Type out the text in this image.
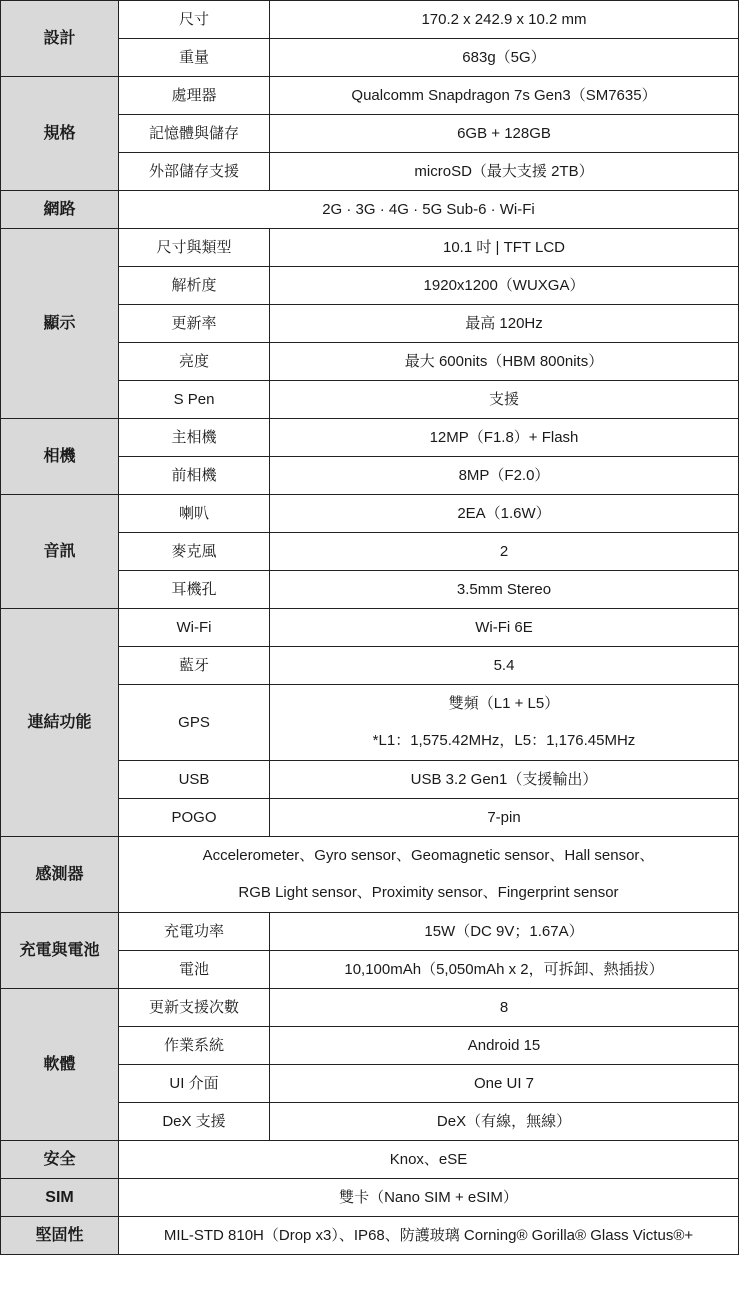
設計	尺寸	170.2 x 242.9 x 10.2 mm
	重量	683g（5G）
規格	處理器	Qualcomm Snapdragon 7s Gen3（SM7635）
	記憶體與儲存	6GB + 128GB
	外部儲存支援	microSD（最大支援 2TB）
網路	2G · 3G · 4G · 5G Sub-6 · Wi-Fi	
顯示	尺寸與類型	10.1 吋 | TFT LCD
	解析度	1920x1200（WUXGA）
	更新率	最高 120Hz
	亮度	最大 600nits（HBM 800nits）
	S Pen	支援
相機	主相機	12MP（F1.8）+ Flash
	前相機	8MP（F2.0）
音訊	喇叭	2EA（1.6W）
	麥克風	2
	耳機孔	3.5mm Stereo
連結功能	Wi-Fi	Wi-Fi 6E
	藍牙	5.4
	GPS	雙頻（L1 + L5）
		*L1：1,575.42MHz，L5：1,176.45MHz
	USB	USB 3.2 Gen1（支援輸出）
	POGO	7-pin
感測器	Accelerometer、Gyro sensor、Geomagnetic sensor、Hall sensor、	
	RGB Light sensor、Proximity sensor、Fingerprint sensor	
充電與電池	充電功率	15W（DC 9V；1.67A）
	電池	10,100mAh（5,050mAh x 2，可拆卸、熱插拔）
軟體	更新支援次數	8
	作業系統	Android 15
	UI 介面	One UI 7
	DeX 支援	DeX（有線，無線）
安全	Knox、eSE	
SIM	雙卡（Nano SIM + eSIM）	
堅固性	MIL-STD 810H（Drop x3）、IP68、防護玻璃 Corning® Gorilla® Glass Victus®+	
